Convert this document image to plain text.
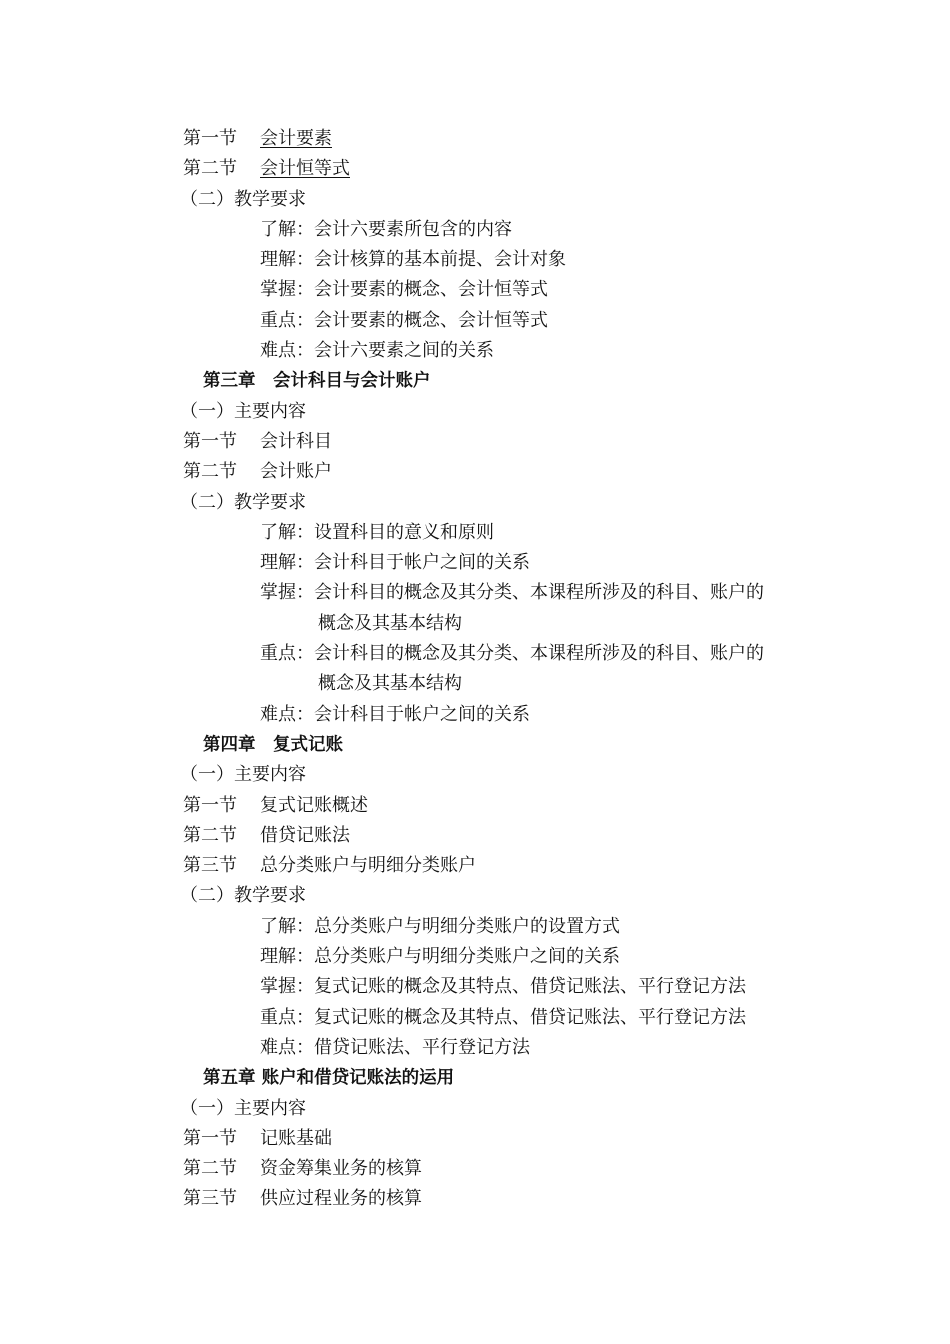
第一节 会计要素
第二节 会计恒等式
（二）教学要求
了解：会计六要素所包含的内容
理解：会计核算的基本前提、会计对象
掌握：会计要素的概念、会计恒等式
重点：会计要素的概念、会计恒等式
难点：会计六要素之间的关系
第三章　会计科目与会计账户
（一）主要内容
第一节 会计科目
第二节 会计账户
（二）教学要求
了解：设置科目的意义和原则
理解：会计科目于帐户之间的关系
掌握：会计科目的概念及其分类、本课程所涉及的科目、账户的
概念及其基本结构
重点：会计科目的概念及其分类、本课程所涉及的科目、账户的
概念及其基本结构
难点：会计科目于帐户之间的关系
第四章　复式记账
（一）主要内容
第一节 复式记账概述
第二节 借贷记账法
第三节 总分类账户与明细分类账户
（二）教学要求
了解：总分类账户与明细分类账户的设置方式
理解：总分类账户与明细分类账户之间的关系
掌握：复式记账的概念及其特点、借贷记账法、平行登记方法
重点：复式记账的概念及其特点、借贷记账法、平行登记方法
难点：借贷记账法、平行登记方法
第五章 账户和借贷记账法的运用
（一）主要内容
第一节 记账基础
第二节 资金筹集业务的核算
第三节 供应过程业务的核算
